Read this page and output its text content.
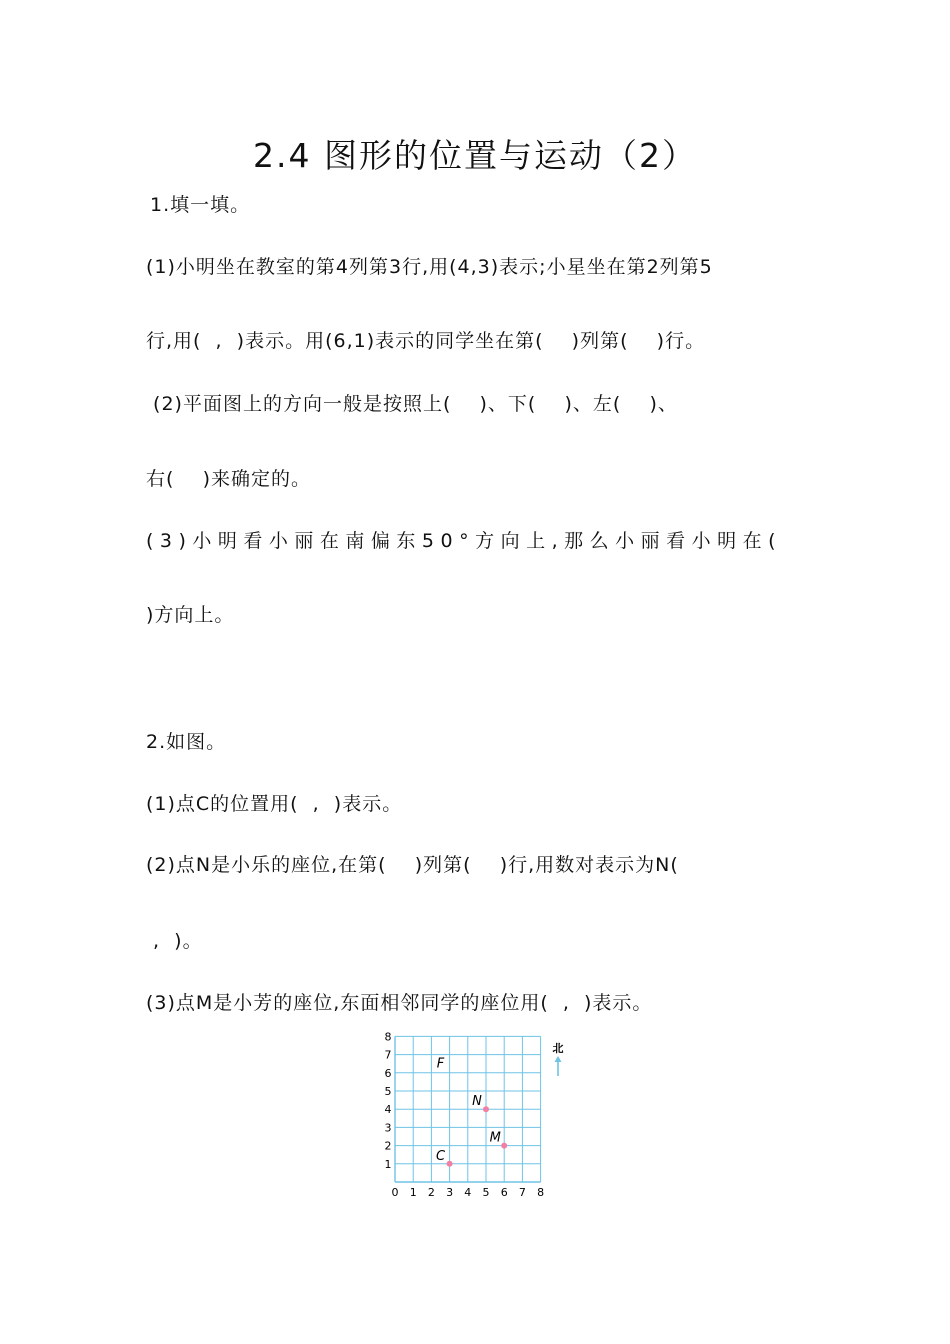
2.4 图形的位置与运动（2）
1.填一填。
(1)小明坐在教室的第4列第3行,用(4,3)表示;小星坐在第2列第5
行,用(  ,  )表示。用(6,1)表示的同学坐在第(    )列第(    )行。
(2)平面图上的方向一般是按照上(    )、下(    )、左(    )、
右(    )来确定的。
(3)小明看小丽在南偏东50°方向上,那么小丽看小明在(
)方向上。
2.如图。
(1)点C的位置用(  ,  )表示。
(2)点N是小乐的座位,在第(    )列第(    )行,用数对表示为N(
,  )。
(3)点M是小芳的座位,东面相邻同学的座位用(  ,  )表示。
0 1 2 3 4 5 6 7 8
1
2
3
4
5
6
7
8
F
N
M
C
北
